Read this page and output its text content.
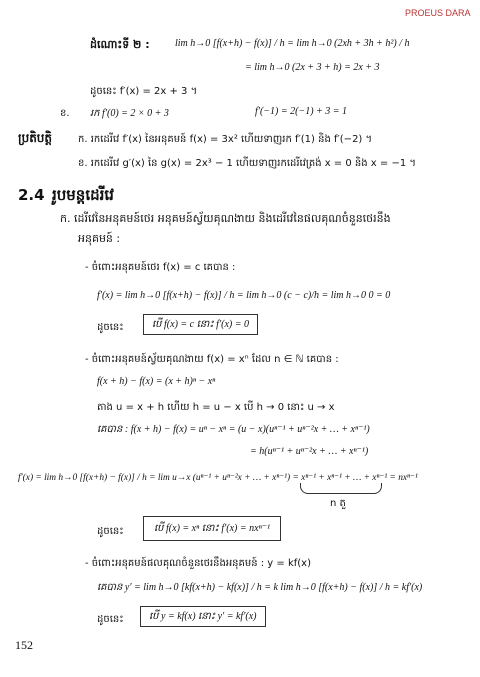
PROEUS DARA
ដំណោះទី ២ :	lim h→0 [f(x+h) − f(x)] / h = lim h→0 (2xh + 3h + h²) / h
= lim h→0 (2x + 3 + h) = 2x + 3
ដូចនេះ f′(x) = 2x + 3 ។
ខ. រក f′(0) = 2 × 0 + 3	f′(−1) = 2(−1) + 3 = 1
ប្រតិបត្តិ	ក. រកដេរីវេ f′(x) នៃអនុគមន៍ f(x) = 3x² ហើយទាញរក f′(1) និង f′(−2) ។
ខ. រកដេរីវេ g′(x) នៃ g(x) = 2x³ − 1 ហើយទាញរកដេរីវេត្រង់ x = 0 និង x = −1 ។
2.4 រូបមន្តដេរីវេ
ក. ដេរីវេនៃអនុគមន៍ថេរ អនុគមន៍ស្វ័យគុណងាយ និងដេរីវេនៃផលគុណចំនួនថេរនឹង
អនុគមន៍ :
- ចំពោះអនុគមន៍ថេរ f(x) = c គេបាន :
f′(x) = lim h→0 [f(x+h) − f(x)] / h = lim h→0 (c − c)/h = lim h→0 0 = 0
ដូចនេះ	បើ f(x) = c នោះ f′(x) = 0
- ចំពោះអនុគមន៍ស្វ័យគុណងាយ f(x) = xⁿ ដែល n ∈ ℕ គេបាន :
f(x + h) − f(x) = (x + h)ⁿ − xⁿ
តាង u = x + h ហើយ h = u − x បើ h → 0 នោះ u → x
គេបាន : f(x + h) − f(x) = uⁿ − xⁿ = (u − x)(uⁿ⁻¹ + uⁿ⁻²x + … + xⁿ⁻¹)
= h(uⁿ⁻¹ + uⁿ⁻²x + … + xⁿ⁻¹)
f′(x) = lim h→0 [f(x+h) − f(x)] / h = lim u→x (uⁿ⁻¹ + uⁿ⁻²x + … + xⁿ⁻¹) = xⁿ⁻¹ + xⁿ⁻¹ + … + xⁿ⁻¹ = nxⁿ⁻¹
n តួ
ដូចនេះ	បើ f(x) = xⁿ នោះ f′(x) = nxⁿ⁻¹
- ចំពោះអនុគមន៍ផលគុណចំនួនថេរនឹងអនុគមន៍ : y = kf(x)
គេបាន y′ = lim h→0 [kf(x+h) − kf(x)] / h = k lim h→0 [f(x+h) − f(x)] / h = kf′(x)
ដូចនេះ	បើ y = kf(x) នោះ y′ = kf′(x)
152
